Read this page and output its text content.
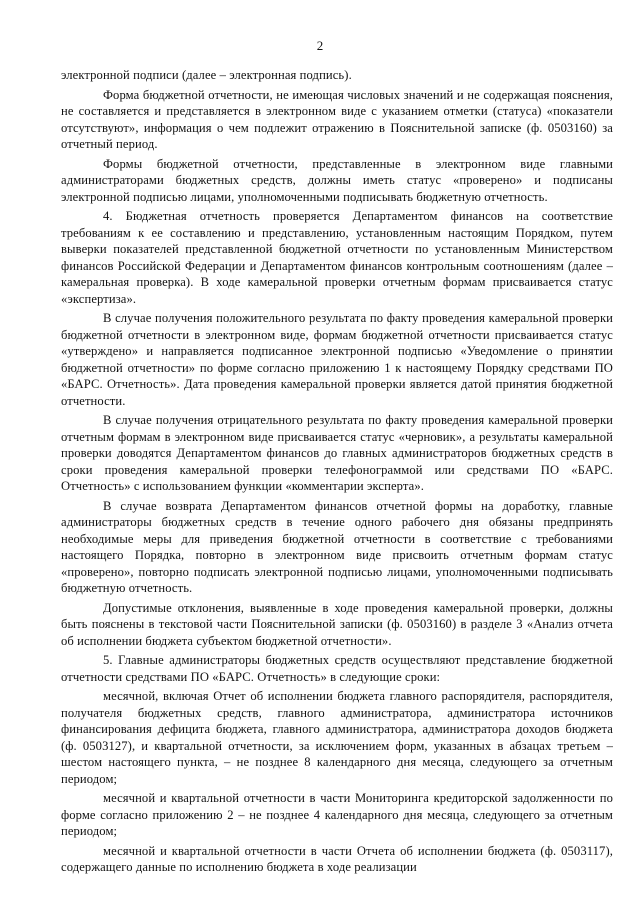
2

электронной подписи (далее – электронная подпись).

Форма бюджетной отчетности, не имеющая числовых значений и не содержащая пояснения, не составляется и представляется в электронном виде с указанием отметки (статуса) «показатели отсутствуют», информация о чем подлежит отражению в Пояснительной записке (ф. 0503160) за отчетный период.

Формы бюджетной отчетности, представленные в электронном виде главными администраторами бюджетных средств, должны иметь статус «проверено» и подписаны электронной подписью лицами, уполномоченными подписывать бюджетную отчетность.

4. Бюджетная отчетность проверяется Департаментом финансов на соответствие требованиям к ее составлению и представлению, установленным настоящим Порядком, путем выверки показателей представленной бюджетной отчетности по установленным Министерством финансов Российской Федерации и Департаментом финансов контрольным соотношениям (далее – камеральная проверка). В ходе камеральной проверки отчетным формам присваивается статус «экспертиза».

В случае получения положительного результата по факту проведения камеральной проверки бюджетной отчетности в электронном виде, формам бюджетной отчетности присваивается статус «утверждено» и направляется подписанное электронной подписью «Уведомление о принятии бюджетной отчетности» по форме согласно приложению 1 к настоящему Порядку средствами ПО «БАРС. Отчетность». Дата проведения камеральной проверки является датой принятия бюджетной отчетности.

В случае получения отрицательного результата по факту проведения камеральной проверки отчетным формам в электронном виде присваивается статус «черновик», а результаты камеральной проверки доводятся Департаментом финансов до главных администраторов бюджетных средств в сроки проведения камеральной проверки телефонограммой или средствами ПО «БАРС. Отчетность» с использованием функции «комментарии эксперта».

В случае возврата Департаментом финансов отчетной формы на доработку, главные администраторы бюджетных средств в течение одного рабочего дня обязаны предпринять необходимые меры для приведения бюджетной отчетности в соответствие с требованиями настоящего Порядка, повторно в электронном виде присвоить отчетным формам статус «проверено», повторно подписать электронной подписью лицами, уполномоченными подписывать бюджетную отчетность.

Допустимые отклонения, выявленные в ходе проведения камеральной проверки, должны быть пояснены в текстовой части Пояснительной записки (ф. 0503160) в разделе 3 «Анализ отчета об исполнении бюджета субъектом бюджетной отчетности».

5. Главные администраторы бюджетных средств осуществляют представление бюджетной отчетности средствами ПО «БАРС. Отчетность» в следующие сроки:

месячной, включая Отчет об исполнении бюджета главного распорядителя, распорядителя, получателя бюджетных средств, главного администратора, администратора источников финансирования дефицита бюджета, главного администратора, администратора доходов бюджета (ф. 0503127), и квартальной отчетности, за исключением форм, указанных в абзацах третьем – шестом настоящего пункта, – не позднее 8 календарного дня месяца, следующего за отчетным периодом;

месячной и квартальной отчетности в части Мониторинга кредиторской задолженности по форме согласно приложению 2 – не позднее 4 календарного дня месяца, следующего за отчетным периодом;

месячной и квартальной отчетности в части Отчета об исполнении бюджета (ф. 0503117), содержащего данные по исполнению бюджета в ходе реализации
